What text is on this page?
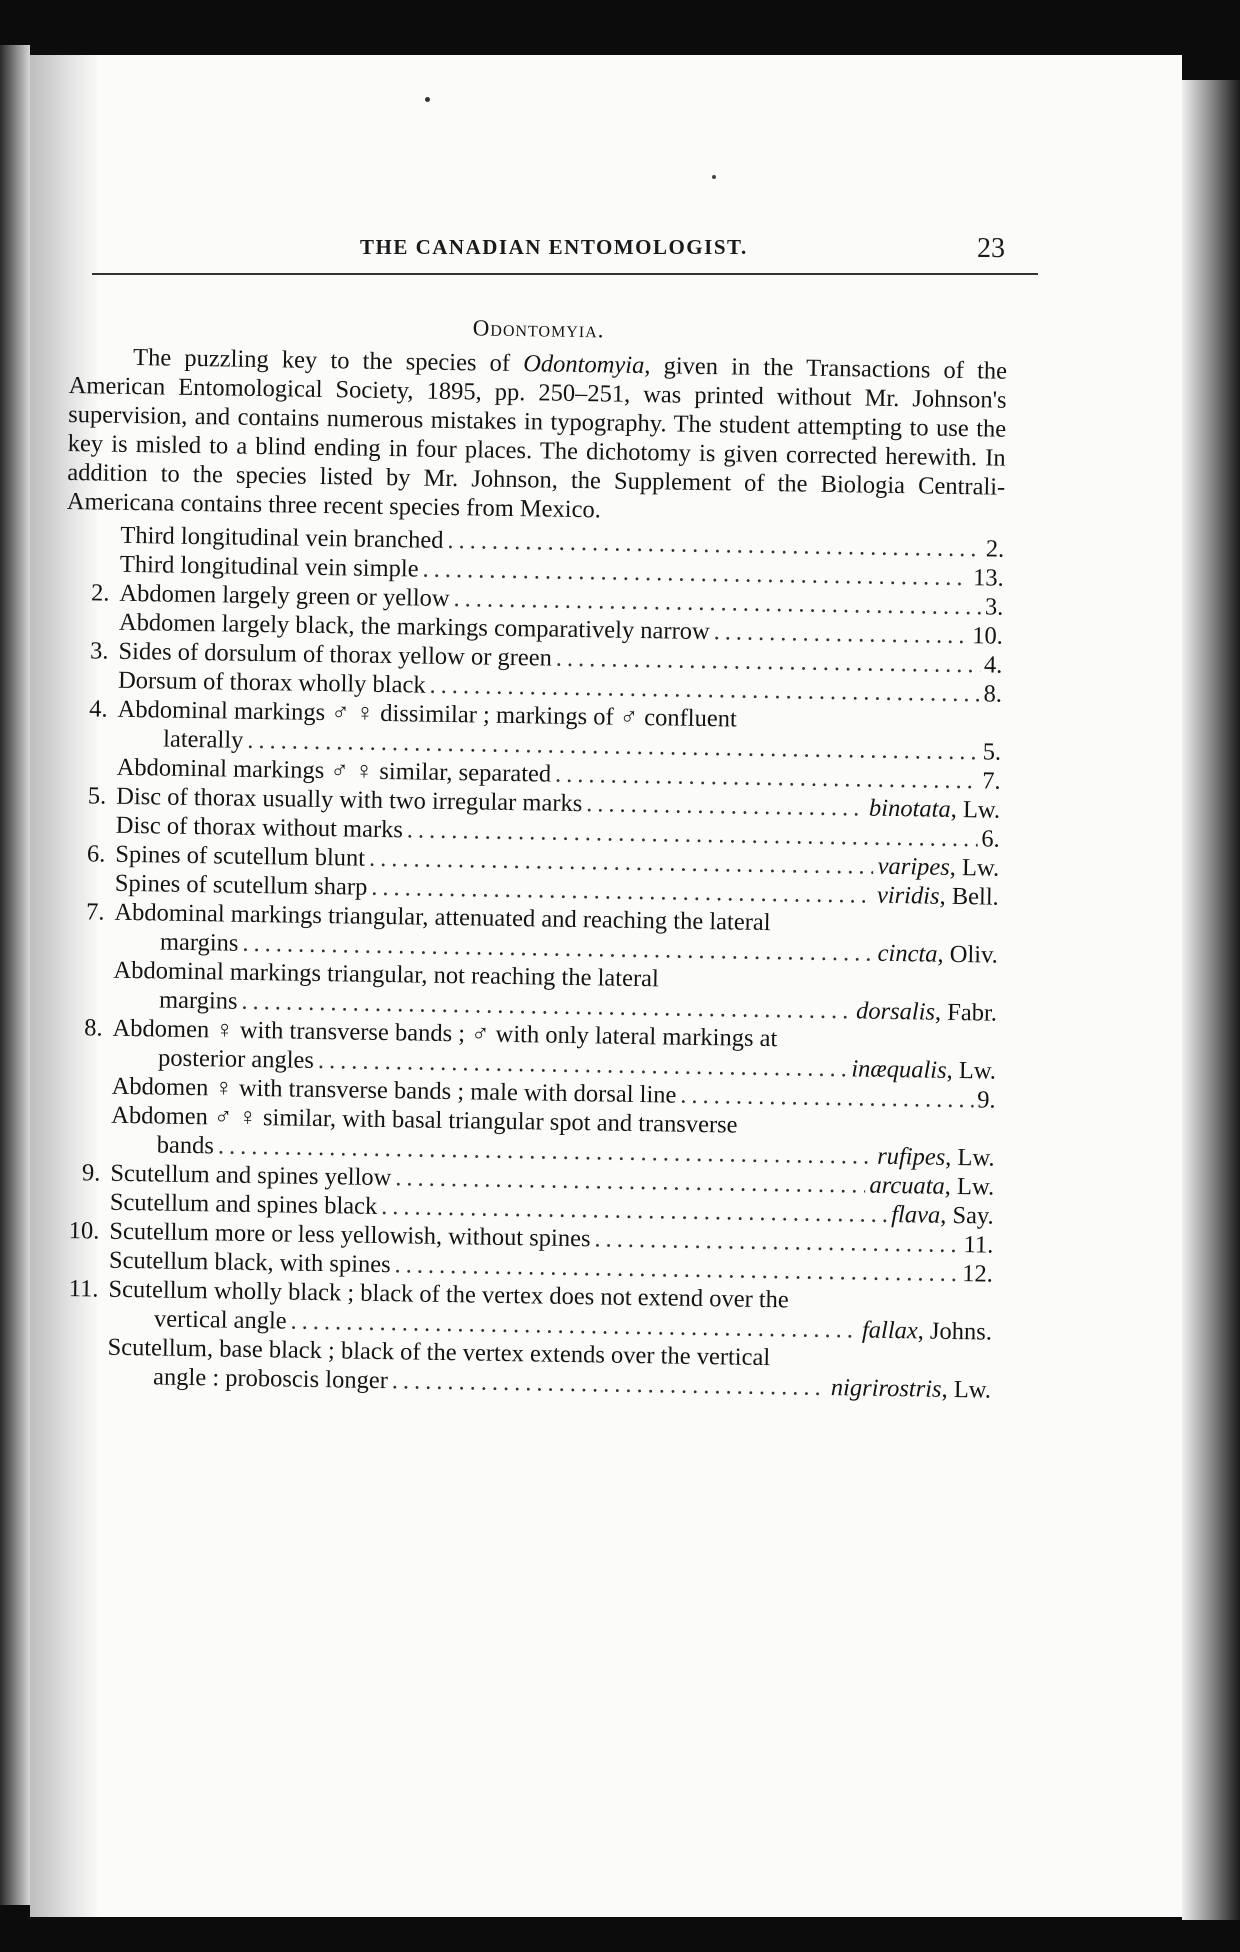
THE CANADIAN ENTOMOLOGIST.	23
Odontomyia.

The puzzling key to the species of Odontomyia, given in the Transactions of the American Entomological Society, 1895, pp. 250–251, was printed without Mr. Johnson's supervision, and contains numerous mistakes in typography. The student attempting to use the key is misled to a blind ending in four places. The dichotomy is given corrected herewith. In addition to the species listed by Mr. Johnson, the Supplement of the Biologia Centrali-Americana contains three recent species from Mexico.

Third longitudinal vein branched .....	2.
Third longitudinal vein simple .....	13.
2. Abdomen largely green or yellow .....	3.
Abdomen largely black, the markings comparatively narrow .....	10.
3. Sides of dorsulum of thorax yellow or green .....	4.
Dorsum of thorax wholly black .....	8.
4. Abdominal markings ♂ ♀ dissimilar ; markings of ♂ confluent
laterally .....	5.
Abdominal markings ♂ ♀ similar, separated .....	7.
5. Disc of thorax usually with two irregular marks .....	binotata, Lw.
Disc of thorax without marks .....	6.
6. Spines of scutellum blunt .....	varipes, Lw.
Spines of scutellum sharp .....	viridis, Bell.
7. Abdominal markings triangular, attenuated and reaching the lateral
margins .....	cincta, Oliv.
Abdominal markings triangular, not reaching the lateral
margins .....	dorsalis, Fabr.
8. Abdomen ♀ with transverse bands ; ♂ with only lateral markings at
posterior angles .....	inæqualis, Lw.
Abdomen ♀ with transverse bands ; male with dorsal line .....	9.
Abdomen ♂ ♀ similar, with basal triangular spot and transverse
bands .....	rufipes, Lw.
9. Scutellum and spines yellow .....	arcuata, Lw.
Scutellum and spines black .....	flava, Say.
10. Scutellum more or less yellowish, without spines .....	11.
Scutellum black, with spines .....	12.
11. Scutellum wholly black ; black of the vertex does not extend over the
vertical angle .....	fallax, Johns.
Scutellum, base black ; black of the vertex extends over the vertical
angle : proboscis longer .....	nigrirostris, Lw.
